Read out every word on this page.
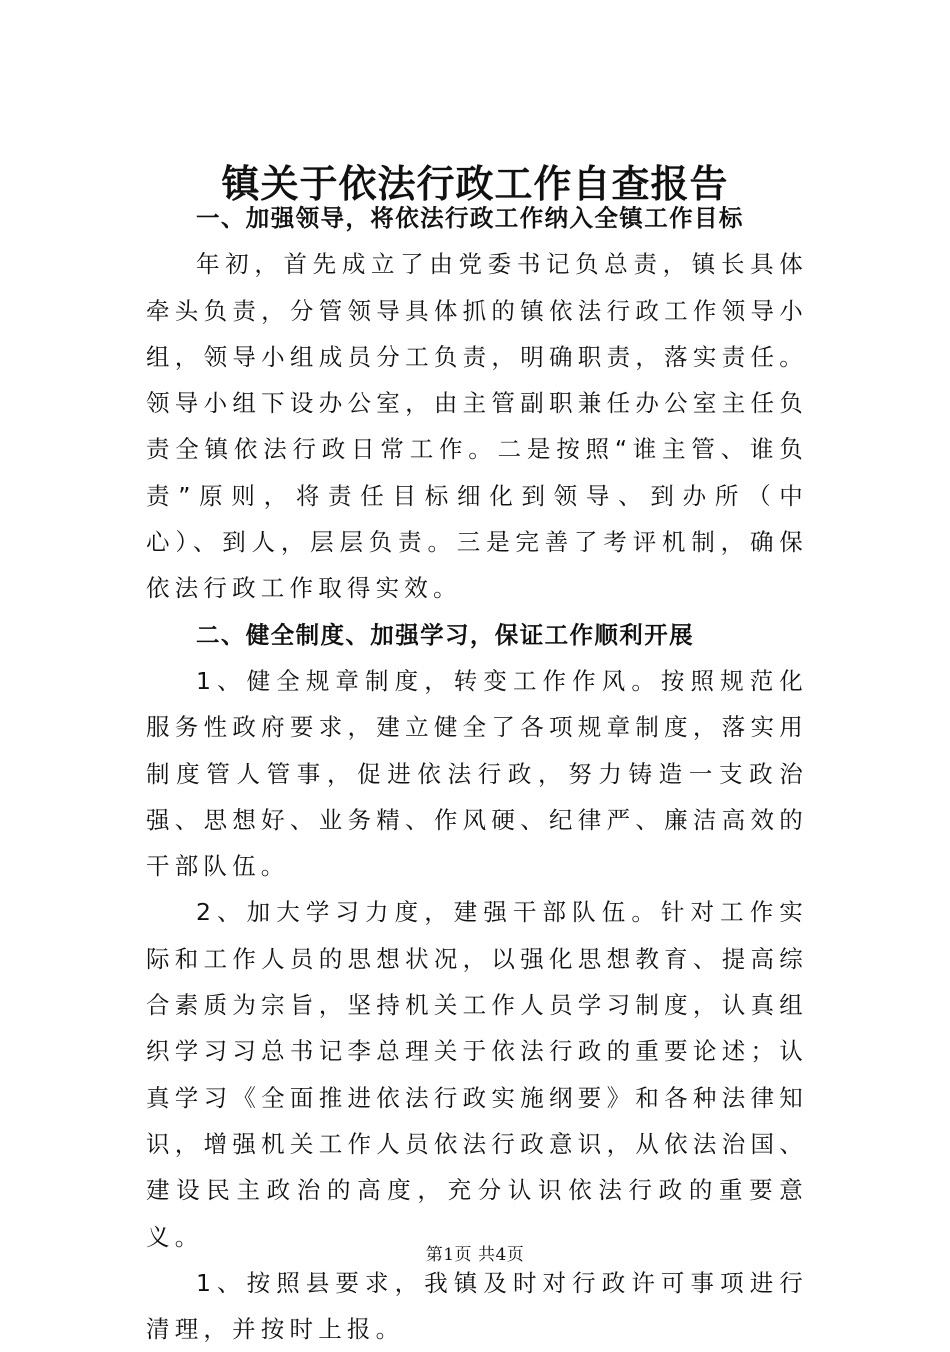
镇关于依法行政工作自查报告

一、加强领导，将依法行政工作纳入全镇工作目标

年初，首先成立了由党委书记负总责，镇长具体牵头负责，分管领导具体抓的镇依法行政工作领导小组，领导小组成员分工负责，明确职责，落实责任。领导小组下设办公室，由主管副职兼任办公室主任负责全镇依法行政日常工作。二是按照“谁主管、谁负责”原则，将责任目标细化到领导、到办所（中心）、到人，层层负责。三是完善了考评机制，确保依法行政工作取得实效。

二、健全制度、加强学习，保证工作顺利开展

1、健全规章制度，转变工作作风。按照规范化服务性政府要求，建立健全了各项规章制度，落实用制度管人管事，促进依法行政，努力铸造一支政治强、思想好、业务精、作风硬、纪律严、廉洁高效的干部队伍。

2、加大学习力度，建强干部队伍。针对工作实际和工作人员的思想状况，以强化思想教育、提高综合素质为宗旨，坚持机关工作人员学习制度，认真组织学习习总书记李总理关于依法行政的重要论述；认真学习《全面推进依法行政实施纲要》和各种法律知识，增强机关工作人员依法行政意识，从依法治国、建设民主政治的高度，充分认识依法行政的重要意义。

1、按照县要求，我镇及时对行政许可事项进行清理，并按时上报。

第1页 共4页
